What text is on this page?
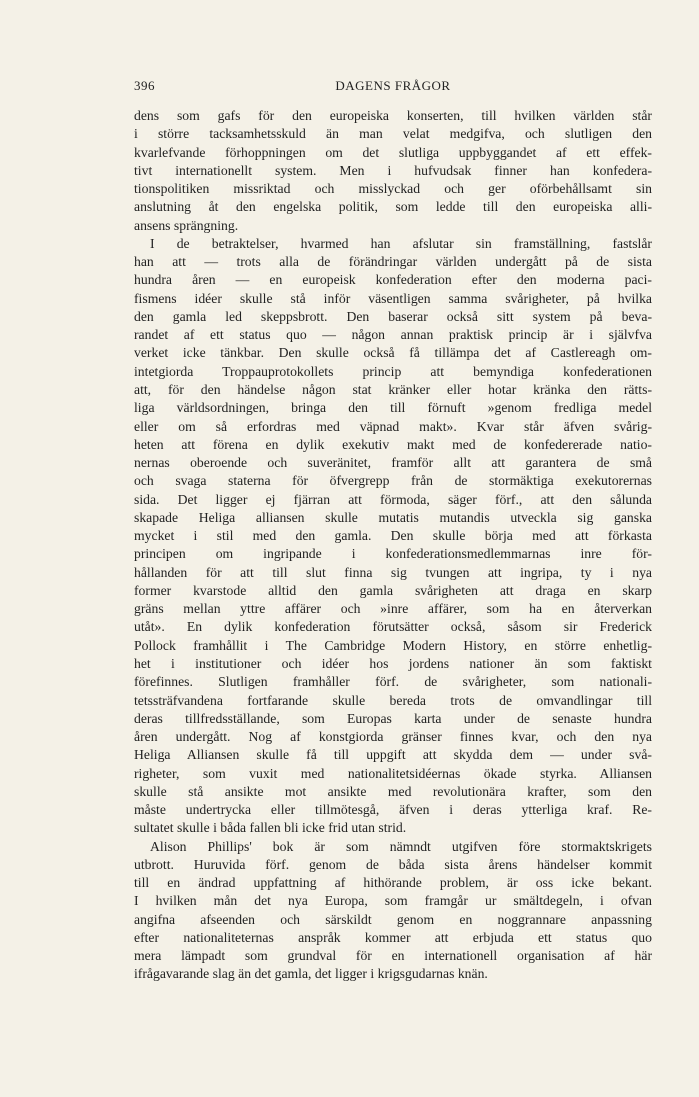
396	DAGENS FRÅGOR
dens som gafs för den europeiska konserten, till hvilken världen står
i större tacksamhetsskuld än man velat medgifva, och slutligen den
kvarlefvande förhoppningen om det slutliga uppbyggandet af ett effek-
tivt internationellt system. Men i hufvudsak finner han konfedera-
tionspolitiken missriktad och misslyckad och ger oförbehållsamt sin
anslutning åt den engelska politik, som ledde till den europeiska alli-
ansens sprängning.
I de betraktelser, hvarmed han afslutar sin framställning, fastslår
han att — trots alla de förändringar världen undergått på de sista
hundra åren — en europeisk konfederation efter den moderna paci-
fismens idéer skulle stå inför väsentligen samma svårigheter, på hvilka
den gamla led skeppsbrott. Den baserar också sitt system på beva-
randet af ett status quo — någon annan praktisk princip är i självfva
verket icke tänkbar. Den skulle också få tillämpa det af Castlereagh om-
intetgiorda Troppauprotokollets princip att bemyndiga konfederationen
att, för den händelse någon stat kränker eller hotar kränka den rätts-
liga världsordningen, bringa den till förnuft »genom fredliga medel
eller om så erfordras med väpnad makt». Kvar står äfven svårig-
heten att förena en dylik exekutiv makt med de konfedererade natio-
nernas oberoende och suveränitet, framför allt att garantera de små
och svaga staterna för öfvergrepp från de stormäktiga exekutorernas
sida. Det ligger ej fjärran att förmoda, säger förf., att den sålunda
skapade Heliga alliansen skulle mutatis mutandis utveckla sig ganska
mycket i stil med den gamla. Den skulle börja med att förkasta
principen om ingripande i konfederationsmedlemmarnas inre för-
hållanden för att till slut finna sig tvungen att ingripa, ty i nya
former kvarstode alltid den gamla svårigheten att draga en skarp
gräns mellan yttre affärer och »inre affärer, som ha en återverkan
utåt». En dylik konfederation förutsätter också, såsom sir Frederick
Pollock framhållit i The Cambridge Modern History, en större enhetlig-
het i institutioner och idéer hos jordens nationer än som faktiskt
förefinnes. Slutligen framhåller förf. de svårigheter, som nationali-
tetssträfvandena fortfarande skulle bereda trots de omvandlingar till
deras tillfredsställande, som Europas karta under de senaste hundra
åren undergått. Nog af konstgiorda gränser finnes kvar, och den nya
Heliga Alliansen skulle få till uppgift att skydda dem — under svå-
righeter, som vuxit med nationalitetsidéernas ökade styrka. Alliansen
skulle stå ansikte mot ansikte med revolutionära krafter, som den
måste undertrycka eller tillmötesgå, äfven i deras ytterliga kraf. Re-
sultatet skulle i båda fallen bli icke frid utan strid.
Alison Phillips' bok är som nämndt utgifven före stormaktskrigets
utbrott. Huruvida förf. genom de båda sista årens händelser kommit
till en ändrad uppfattning af hithörande problem, är oss icke bekant.
I hvilken mån det nya Europa, som framgår ur smältdegeln, i ofvan
angifna afseenden och särskildt genom en noggrannare anpassning
efter nationaliteternas anspråk kommer att erbjuda ett status quo
mera lämpadt som grundval för en internationell organisation af här
ifrågavarande slag än det gamla, det ligger i krigsgudarnas knän.
